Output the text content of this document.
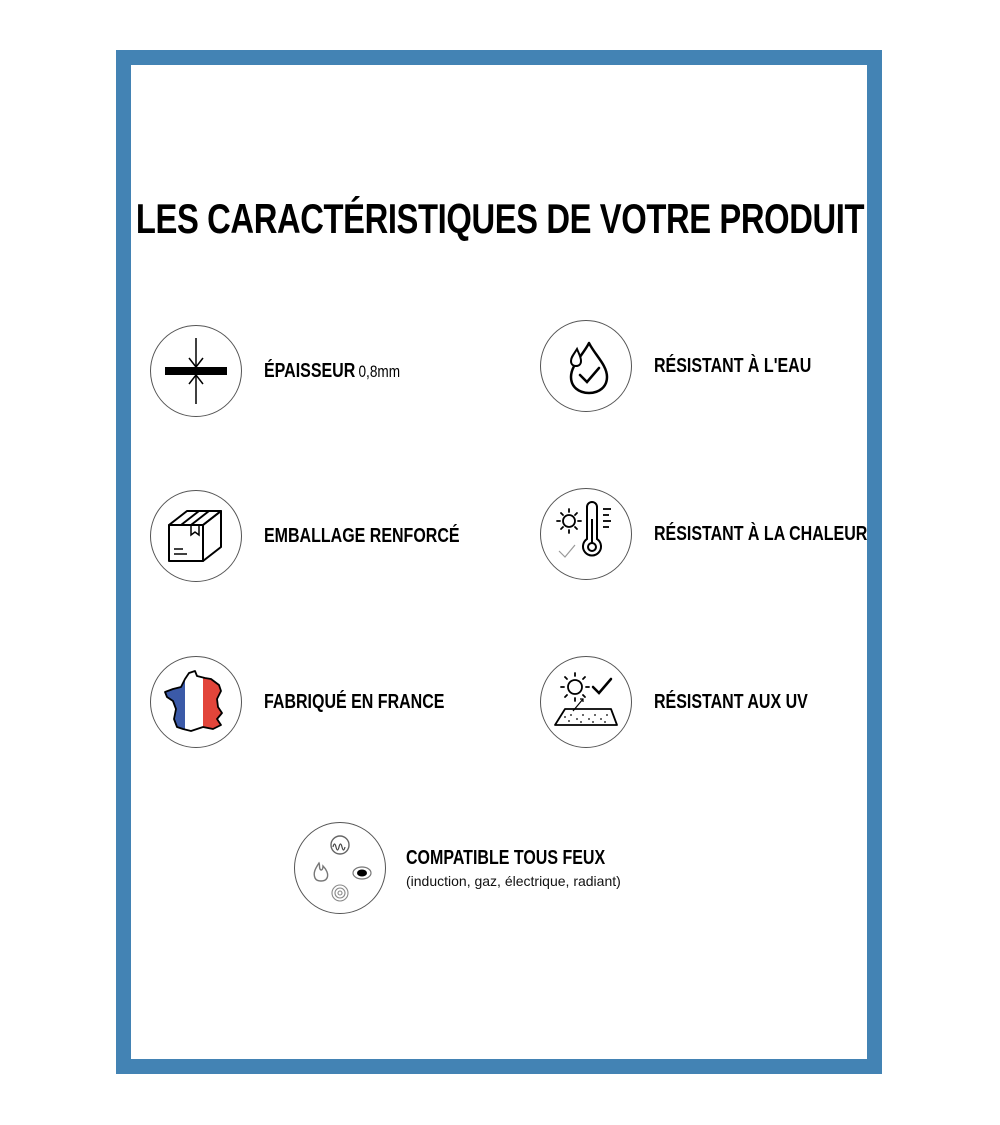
LES CARACTÉRISTIQUES DE VOTRE PRODUIT
ÉPAISSEUR 0,8mm	RÉSISTANT À L'EAU
EMBALLAGE RENFORCÉ	RÉSISTANT À LA CHALEUR
FABRIQUÉ EN FRANCE	RÉSISTANT AUX UV
COMPATIBLE TOUS FEUX
(induction, gaz, électrique, radiant)
